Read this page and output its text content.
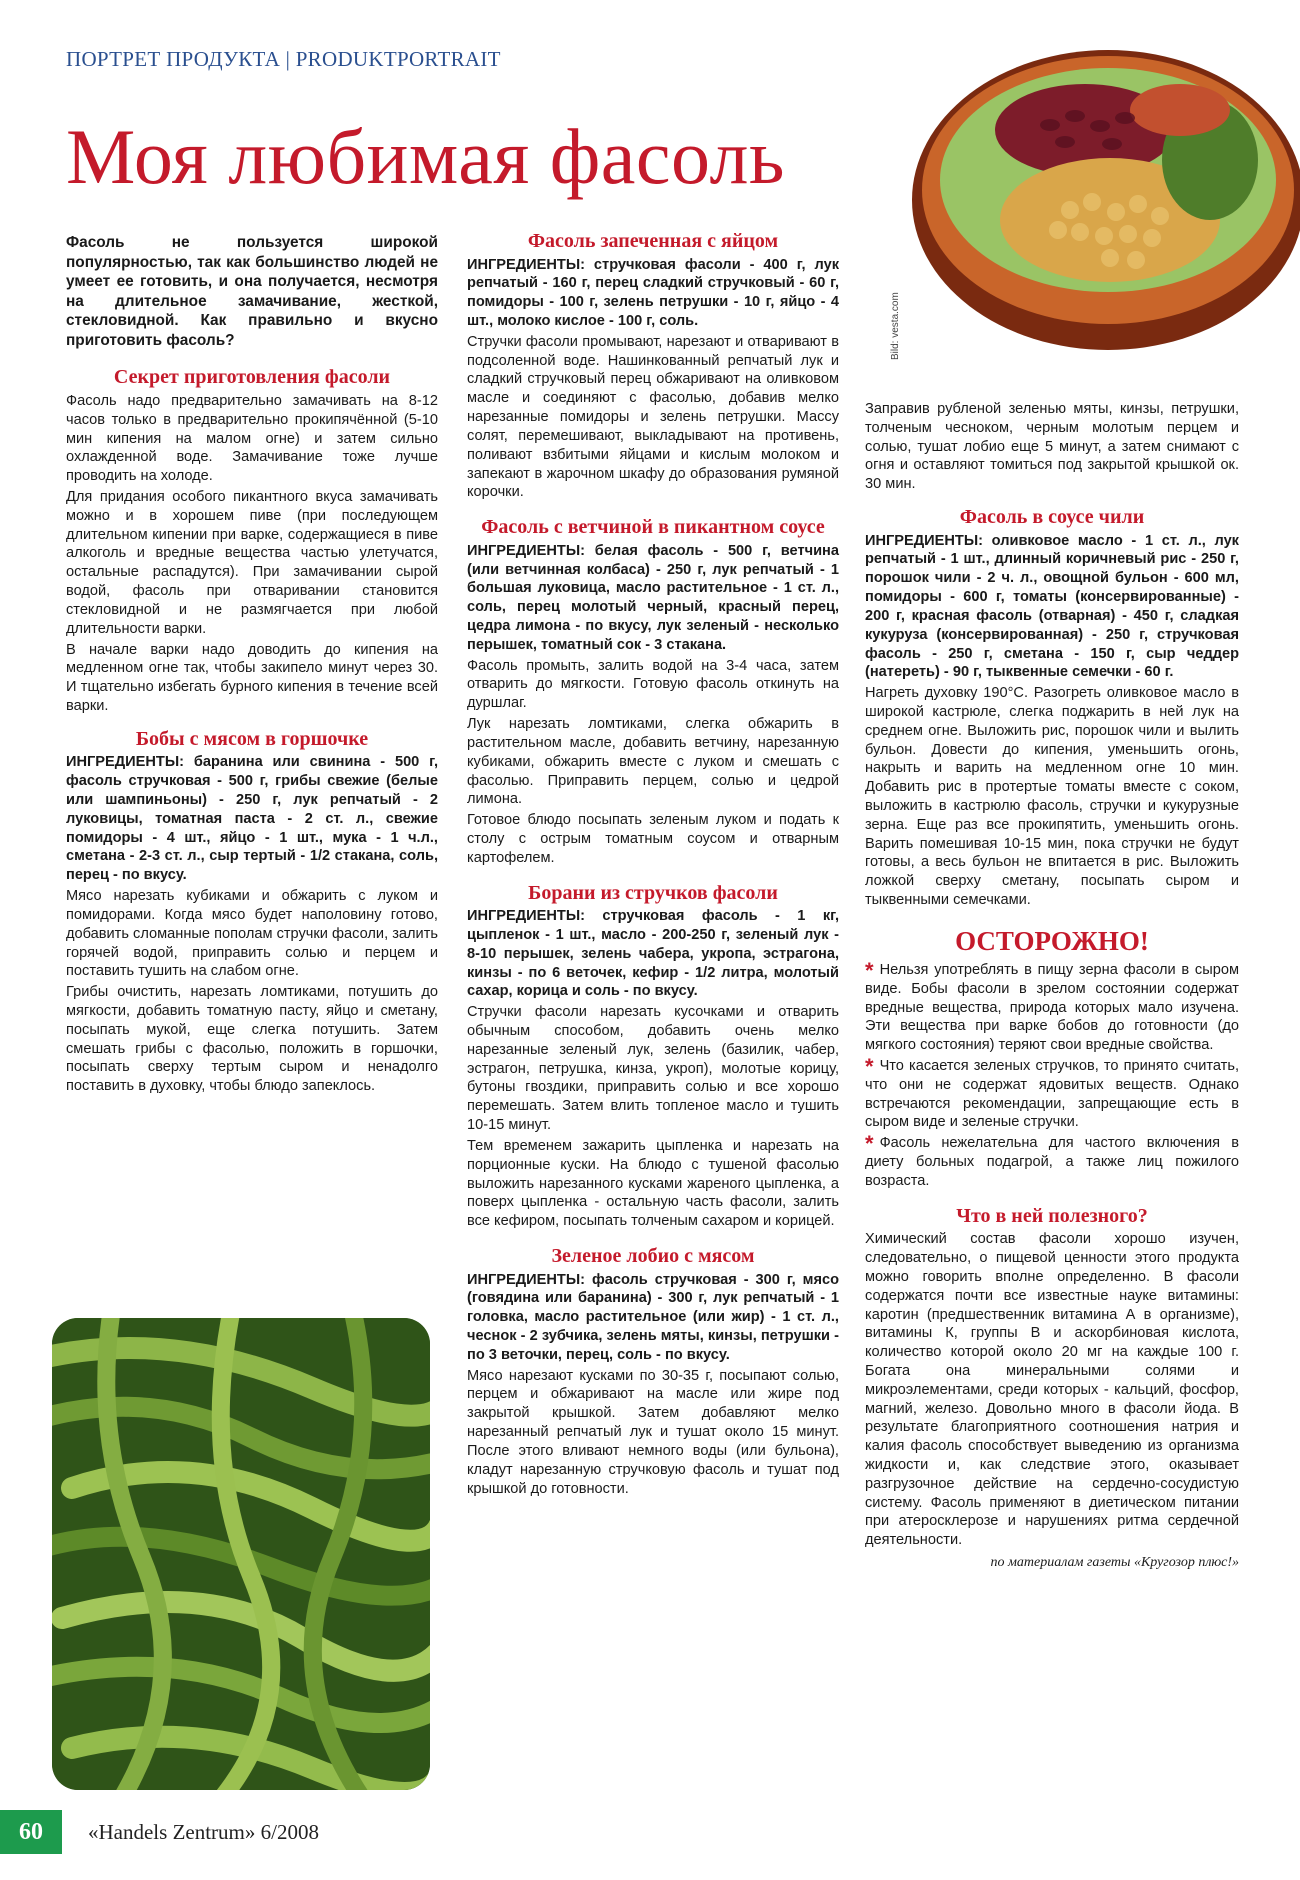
ПОРТРЕТ ПРОДУКТА | PRODUKTPORTRAIT
Моя любимая фасоль
Bild: vesta.com

Фасоль не пользуется широкой популярностью, так как большинство людей не умеет ее готовить, и она получается, несмотря на длительное замачивание, жесткой, стекловидной. Как правильно и вкусно приготовить фасоль?

Секрет приготовления фасоли

Фасоль надо предварительно замачивать на 8-12 часов только в предварительно прокипячённой (5-10 мин кипения на малом огне) и затем сильно охлажденной воде. Замачивание тоже лучше проводить на холоде.

Для придания особого пикантного вкуса замачивать можно и в хорошем пиве (при последующем длительном кипении при варке, содержащиеся в пиве алкоголь и вредные вещества частью улетучатся, остальные распадутся). При замачивании сырой водой, фасоль при отваривании становится стекловидной и не размягчается при любой длительности варки.

В начале варки надо доводить до кипения на медленном огне так, чтобы закипело минут через 30. И тщательно избегать бурного кипения в течение всей варки.

Бобы с мясом в горшочке

ИНГРЕДИЕНТЫ: баранина или свинина - 500 г, фасоль стручковая - 500 г, грибы свежие (белые или шампиньоны) - 250 г, лук репчатый - 2 луковицы, томатная паста - 2 ст. л., свежие помидоры - 4 шт., яйцо - 1 шт., мука - 1 ч.л., сметана - 2-3 ст. л., сыр тертый - 1/2 стакана, соль, перец - по вкусу.

Мясо нарезать кубиками и обжарить с луком и помидорами. Когда мясо будет наполовину готово, добавить сломанные пополам стручки фасоли, залить горячей водой, приправить солью и перцем и поставить тушить на слабом огне.

Грибы очистить, нарезать ломтиками, потушить до мягкости, добавить томатную пасту, яйцо и сметану, посыпать мукой, еще слегка потушить. Затем смешать грибы с фасолью, положить в горшочки, посыпать сверху тертым сыром и ненадолго поставить в духовку, чтобы блюдо запеклось.

Фасоль запеченная с яйцом

ИНГРЕДИЕНТЫ: стручковая фасоли - 400 г, лук репчатый - 160 г, перец сладкий стручковый - 60 г, помидоры - 100 г, зелень петрушки - 10 г, яйцо - 4 шт., молоко кислое - 100 г, соль.

Стручки фасоли промывают, нарезают и отваривают в подсоленной воде. Нашинкованный репчатый лук и сладкий стручковый перец обжаривают на оливковом масле и соединяют с фасолью, добавив мелко нарезанные помидоры и зелень петрушки. Массу солят, перемешивают, выкладывают на противень, поливают взбитыми яйцами и кислым молоком и запекают в жарочном шкафу до образования румяной корочки.

Фасоль с ветчиной в пикантном соусе

ИНГРЕДИЕНТЫ: белая фасоль - 500 г, ветчина (или ветчинная колбаса) - 250 г, лук репчатый - 1 большая луковица, масло растительное - 1 ст. л., соль, перец молотый черный, красный перец, цедра лимона - по вкусу, лук зеленый - несколько перышек, томатный сок - 3 стакана.

Фасоль промыть, залить водой на 3-4 часа, затем отварить до мягкости. Готовую фасоль откинуть на дуршлаг.

Лук нарезать ломтиками, слегка обжарить в растительном масле, добавить ветчину, нарезанную кубиками, обжарить вместе с луком и смешать с фасолью. Приправить перцем, солью и цедрой лимона.

Готовое блюдо посыпать зеленым луком и подать к столу с острым томатным соусом и отварным картофелем.

Борани из стручков фасоли

ИНГРЕДИЕНТЫ: стручковая фасоль - 1 кг, цыпленок - 1 шт., масло - 200-250 г, зеленый лук - 8-10 перышек, зелень чабера, укропа, эстрагона, кинзы - по 6 веточек, кефир - 1/2 литра, молотый сахар, корица и соль - по вкусу.

Стручки фасоли нарезать кусочками и отварить обычным способом, добавить очень мелко нарезанные зеленый лук, зелень (базилик, чабер, эстрагон, петрушка, кинза, укроп), молотые корицу, бутоны гвоздики, приправить солью и все хорошо перемешать. Затем влить топленое масло и тушить 10-15 минут.

Тем временем зажарить цыпленка и нарезать на порционные куски. На блюдо с тушеной фасолью выложить нарезанного кусками жареного цыпленка, а поверх цыпленка - остальную часть фасоли, залить все кефиром, посыпать толченым сахаром и корицей.

Зеленое лобио с мясом

ИНГРЕДИЕНТЫ: фасоль стручковая - 300 г, мясо (говядина или баранина) - 300 г, лук репчатый - 1 головка, масло растительное (или жир) - 1 ст. л., чеснок - 2 зубчика, зелень мяты, кинзы, петрушки - по 3 веточки, перец, соль - по вкусу.

Мясо нарезают кусками по 30-35 г, посыпают солью, перцем и обжаривают на масле или жире под закрытой крышкой. Затем добавляют мелко нарезанный репчатый лук и тушат около 15 минут. После этого вливают немного воды (или бульона), кладут нарезанную стручковую фасоль и тушат под крышкой до готовности.

Заправив рубленой зеленью мяты, кинзы, петрушки, толченым чесноком, черным молотым перцем и солью, тушат лобио еще 5 минут, а затем снимают с огня и оставляют томиться под закрытой крышкой ок. 30 мин.

Фасоль в соусе чили

ИНГРЕДИЕНТЫ: оливковое масло - 1 ст. л., лук репчатый - 1 шт., длинный коричневый рис - 250 г, порошок чили - 2 ч. л., овощной бульон - 600 мл, помидоры - 600 г, томаты (консервированные) - 200 г, красная фасоль (отварная) - 450 г, сладкая кукуруза (консервированная) - 250 г, стручковая фасоль - 250 г, сметана - 150 г, сыр чеддер (натереть) - 90 г, тыквенные семечки - 60 г.

Нагреть духовку 190°C. Разогреть оливковое масло в широкой кастрюле, слегка поджарить в ней лук на среднем огне. Выложить рис, порошок чили и вылить бульон. Довести до кипения, уменьшить огонь, накрыть и варить на медленном огне 10 мин. Добавить рис в протертые томаты вместе с соком, выложить в кастрюлю фасоль, стручки и кукурузные зерна. Еще раз все прокипятить, уменьшить огонь. Варить помешивая 10-15 мин, пока стручки не будут готовы, а весь бульон не впитается в рис. Выложить ложкой сверху сметану, посыпать сыром и тыквенными семечками.

ОСТОРОЖНО!

* Нельзя употреблять в пищу зерна фасоли в сыром виде. Бобы фасоли в зрелом состоянии содержат вредные вещества, природа которых мало изучена. Эти вещества при варке бобов до готовности (до мягкого состояния) теряют свои вредные свойства.

* Что касается зеленых стручков, то принято считать, что они не содержат ядовитых веществ. Однако встречаются рекомендации, запрещающие есть в сыром виде и зеленые стручки.

* Фасоль нежелательна для частого включения в диету больных подагрой, а также лиц пожилого возраста.

Что в ней полезного?

Химический состав фасоли хорошо изучен, следовательно, о пищевой ценности этого продукта можно говорить вполне определенно. В фасоли содержатся почти все известные науке витамины: каротин (предшественник витамина А в организме), витамины К, группы В и аскорбиновая кислота, количество которой около 20 мг на каждые 100 г. Богата она минеральными солями и микроэлементами, среди которых - кальций, фосфор, магний, железо. Довольно много в фасоли йода. В результате благоприятного соотношения натрия и калия фасоль способствует выведению из организма жидкости и, как следствие этого, оказывает разгрузочное действие на сердечно-сосудистую систему. Фасоль применяют в диетическом питании при атеросклерозе и нарушениях ритма сердечной деятельности.

по материалам газеты «Кругозор плюс!»

60	«Handels Zentrum» 6/2008
